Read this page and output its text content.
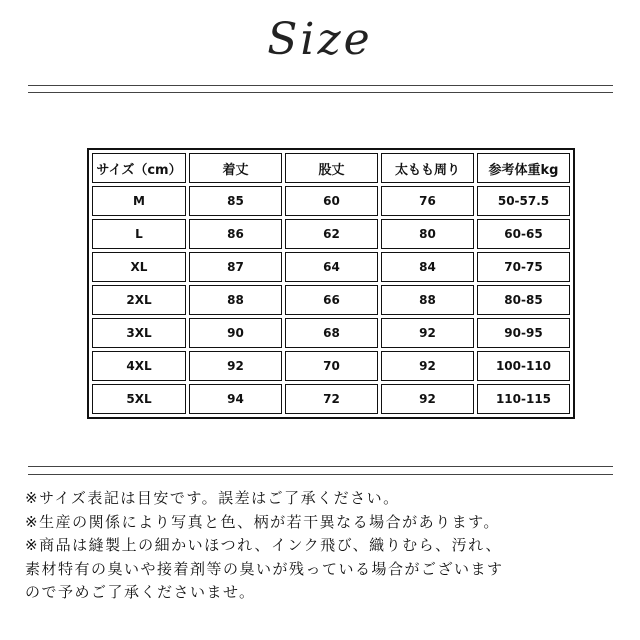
Size
サイズ（cm）	着丈	股丈	太もも周り	参考体重kg
M	85	60	76	50-57.5
L	86	62	80	60-65
XL	87	64	84	70-75
2XL	88	66	88	80-85
3XL	90	68	92	90-95
4XL	92	70	92	100-110
5XL	94	72	92	110-115
※サイズ表記は目安です。誤差はご了承ください。
※生産の関係により写真と色、柄が若干異なる場合があります。
※商品は縫製上の細かいほつれ、インク飛び、織りむら、汚れ、
素材特有の臭いや接着剤等の臭いが残っている場合がございます
ので予めご了承くださいませ。
